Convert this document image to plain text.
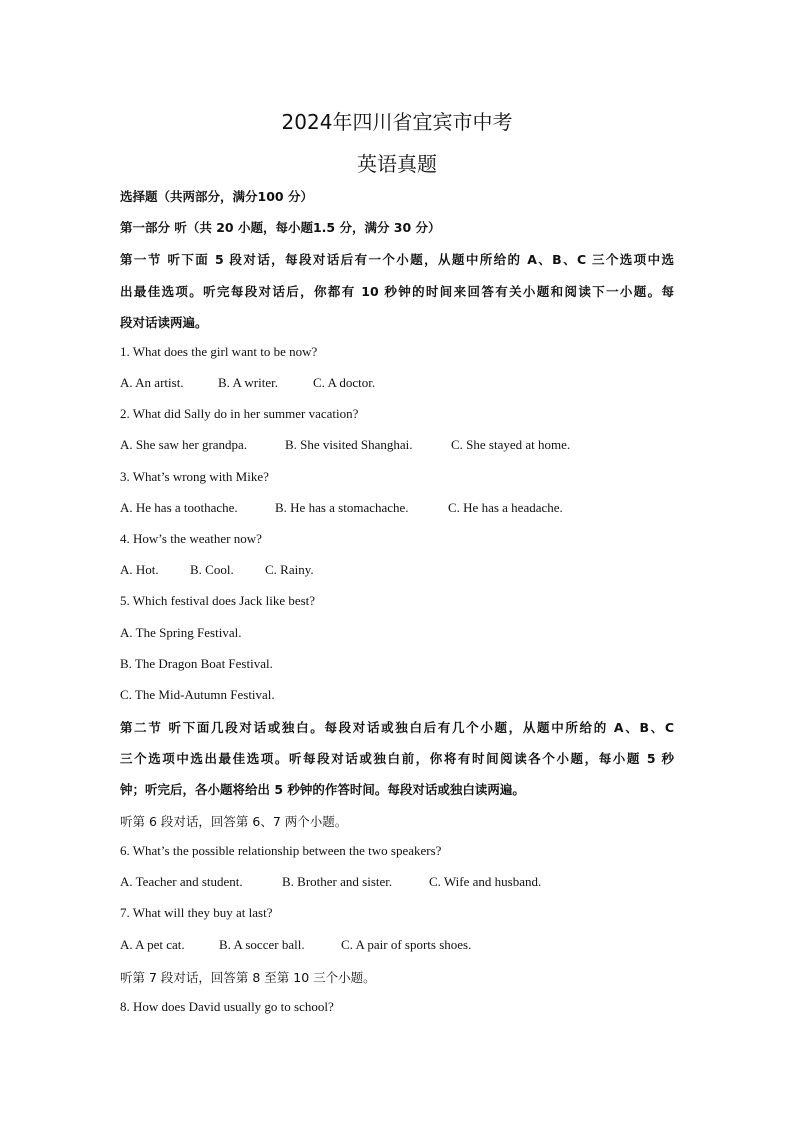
2024年四川省宜宾市中考
英语真题
选择题（共两部分，满分100 分）
第一部分 听（共 20 小题，每小题1.5 分，满分 30 分）
第一节 听下面 5 段对话，每段对话后有一个小题，从题中所给的 A、B、C 三个选项中选
出最佳选项。听完每段对话后，你都有 10 秒钟的时间来回答有关小题和阅读下一小题。每
段对话读两遍。
1. What does the girl want to be now?
A. An artist.	B. A writer.	C. A doctor.
2. What did Sally do in her summer vacation?
A. She saw her grandpa.	B. She visited Shanghai.	C. She stayed at home.
3. What’s wrong with Mike?
A. He has a toothache.	B. He has a stomachache.	C. He has a headache.
4. How’s the weather now?
A. Hot. B. Cool. C. Rainy.
5. Which festival does Jack like best?
A. The Spring Festival.
B. The Dragon Boat Festival.
C. The Mid-Autumn Festival.
第二节 听下面几段对话或独白。每段对话或独白后有几个小题，从题中所给的 A、B、C
三个选项中选出最佳选项。听每段对话或独白前，你将有时间阅读各个小题，每小题 5 秒
钟；听完后，各小题将给出 5 秒钟的作答时间。每段对话或独白读两遍。
听第 6 段对话，回答第 6、7 两个小题。
6. What’s the possible relationship between the two speakers?
A. Teacher and student.	B. Brother and sister.	C. Wife and husband.
7. What will they buy at last?
A. A pet cat.	B. A soccer ball.	C. A pair of sports shoes.
听第 7 段对话，回答第 8 至第 10 三个小题。
8. How does David usually go to school?
